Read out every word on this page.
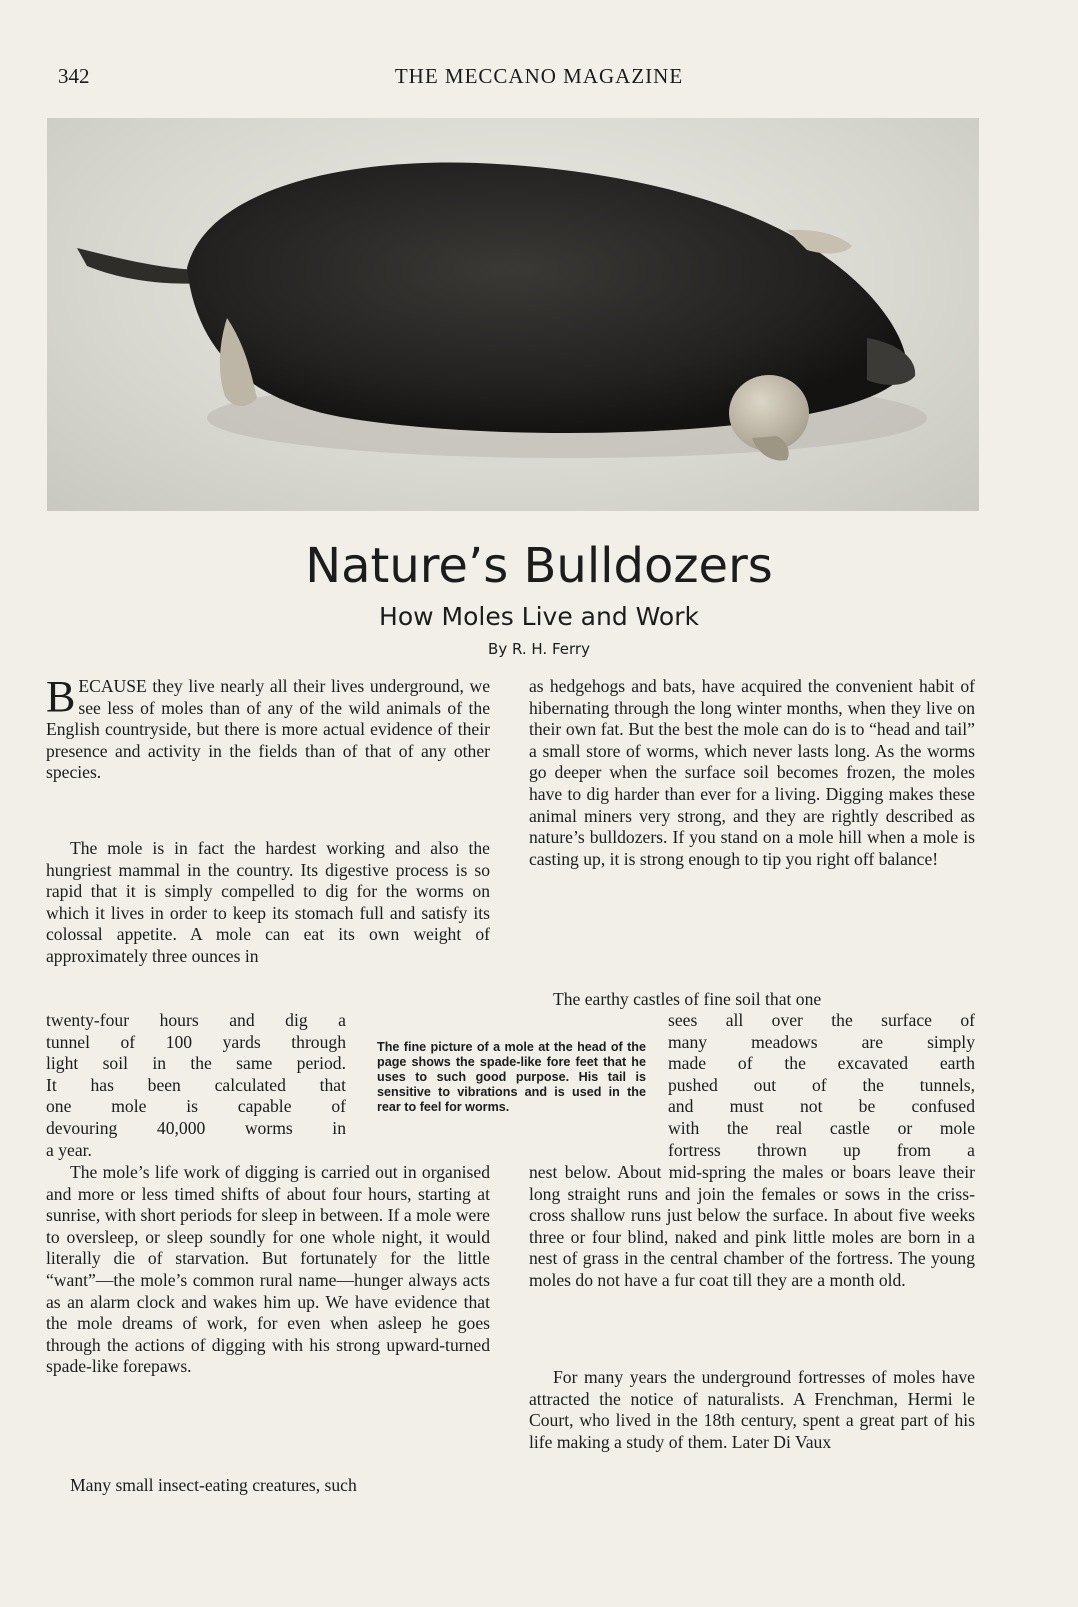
342	THE MECCANO MAGAZINE
Nature’s Bulldozers
How Moles Live and Work
By R. H. Ferry

BECAUSE they live nearly all their lives underground, we see less of moles than of any of the wild animals of the English countryside, but there is more actual evidence of their presence and activity in the fields than of that of any other species.

The mole is in fact the hardest working and also the hungriest mammal in the country. Its digestive process is so rapid that it is simply compelled to dig for the worms on which it lives in order to keep its stomach full and satisfy its colossal appetite. A mole can eat its own weight of approximately three ounces in

twenty-four hours and dig a
tunnel of 100 yards through
light soil in the same period.
It has been calculated that
one mole is capable of
devouring 40,000 worms in
a year.

The mole’s life work of digging is carried out in organised and more or less timed shifts of about four hours, starting at sunrise, with short periods for sleep in between. If a mole were to oversleep, or sleep soundly for one whole night, it would literally die of starvation. But fortunately for the little “want”—the mole’s common rural name—hunger always acts as an alarm clock and wakes him up. We have evidence that the mole dreams of work, for even when asleep he goes through the actions of digging with his strong upward-turned spade-like forepaws.

Many small insect-eating creatures, such

The fine picture of a mole at the head of the page shows the spade-like fore feet that he uses to such good purpose. His tail is sensitive to vibrations and is used in the rear to feel for worms.

as hedgehogs and bats, have acquired the convenient habit of hibernating through the long winter months, when they live on their own fat. But the best the mole can do is to “head and tail” a small store of worms, which never lasts long. As the worms go deeper when the surface soil becomes frozen, the moles have to dig harder than ever for a living. Digging makes these animal miners very strong, and they are rightly described as nature’s bulldozers. If you stand on a mole hill when a mole is casting up, it is strong enough to tip you right off balance!

The earthy castles of fine soil that one

sees all over the surface of
many meadows are simply
made of the excavated earth
pushed out of the tunnels,
and must not be confused
with the real castle or mole
fortress thrown up from a

nest below. About mid-spring the males or boars leave their long straight runs and join the females or sows in the criss-cross shallow runs just below the surface. In about five weeks three or four blind, naked and pink little moles are born in a nest of grass in the central chamber of the fortress. The young moles do not have a fur coat till they are a month old.

For many years the underground fortresses of moles have attracted the notice of naturalists. A Frenchman, Hermi le Court, who lived in the 18th century, spent a great part of his life making a study of them. Later Di Vaux
